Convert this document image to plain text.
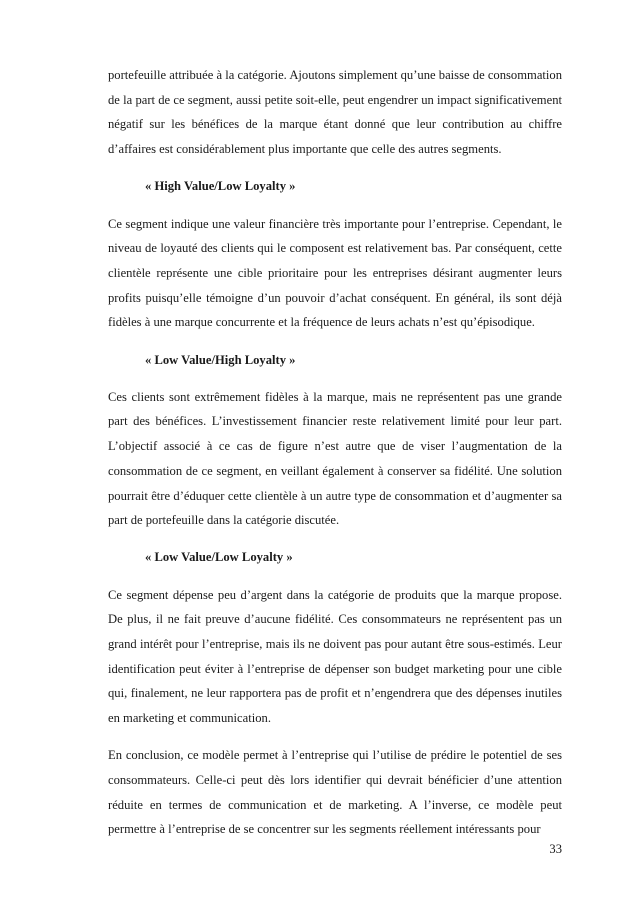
portefeuille attribuée à la catégorie. Ajoutons simplement qu’une baisse de consommation de la part de ce segment, aussi petite soit-elle, peut engendrer un impact significativement négatif sur les bénéfices de la marque étant donné que leur contribution au chiffre d’affaires est considérablement plus importante que celle des autres segments.

« High Value/Low Loyalty »

Ce segment indique une valeur financière très importante pour l’entreprise. Cependant, le niveau de loyauté des clients qui le composent est relativement bas. Par conséquent, cette clientèle représente une cible prioritaire pour les entreprises désirant augmenter leurs profits puisqu’elle témoigne d’un pouvoir d’achat conséquent. En général, ils sont déjà fidèles à une marque concurrente et la fréquence de leurs achats n’est qu’épisodique.

« Low Value/High Loyalty »

Ces clients sont extrêmement fidèles à la marque, mais ne représentent pas une grande part des bénéfices. L’investissement financier reste relativement limité pour leur part. L’objectif associé à ce cas de figure n’est autre que de viser l’augmentation de la consommation de ce segment, en veillant également à conserver sa fidélité. Une solution pourrait être d’éduquer cette clientèle à un autre type de consommation et d’augmenter sa part de portefeuille dans la catégorie discutée.

« Low Value/Low Loyalty »

Ce segment dépense peu d’argent dans la catégorie de produits que la marque propose. De plus, il ne fait preuve d’aucune fidélité. Ces consommateurs ne représentent pas un grand intérêt pour l’entreprise, mais ils ne doivent pas pour autant être sous-estimés. Leur identification peut éviter à l’entreprise de dépenser son budget marketing pour une cible qui, finalement, ne leur rapportera pas de profit et n’engendrera que des dépenses inutiles en marketing et communication.

En conclusion, ce modèle permet à l’entreprise qui l’utilise de prédire le potentiel de ses consommateurs. Celle-ci peut dès lors identifier qui devrait bénéficier d’une attention réduite en termes de communication et de marketing. A l’inverse, ce modèle peut permettre à l’entreprise de se concentrer sur les segments réellement intéressants pour

33
